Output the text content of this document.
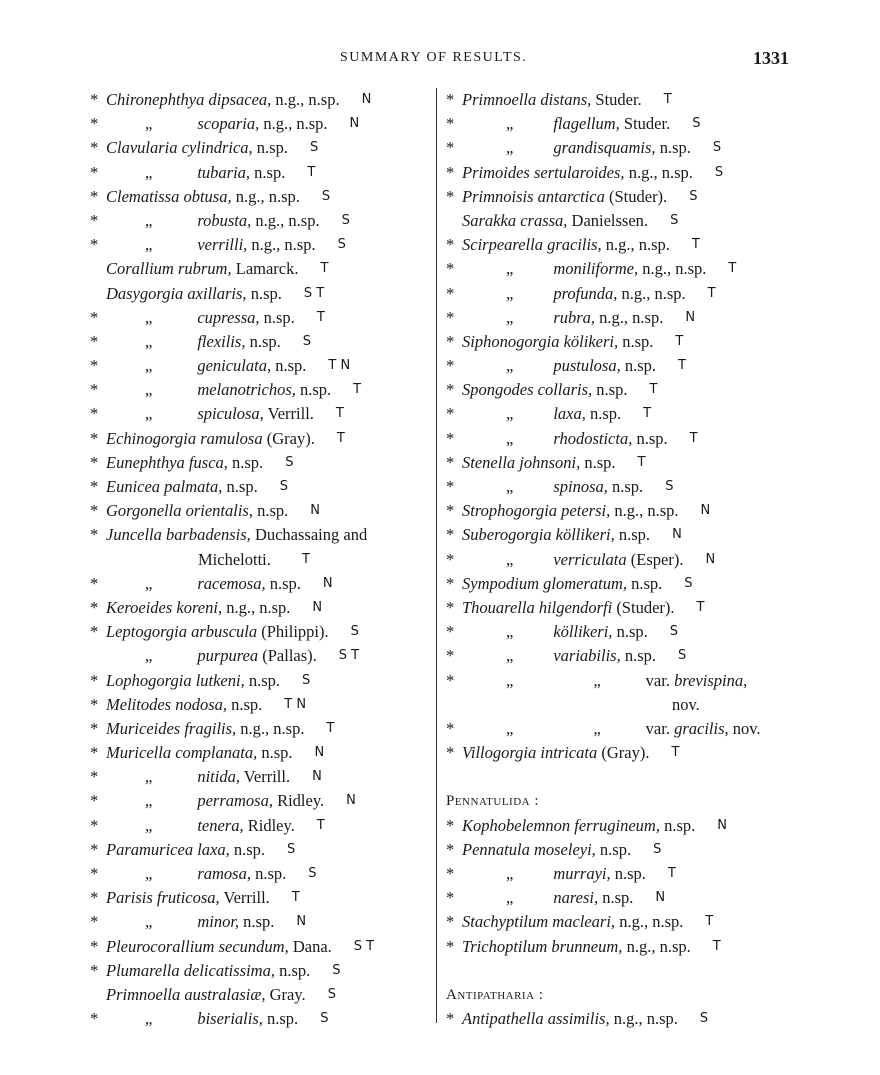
SUMMARY OF RESULTS.	1331
* Chironephthya dipsacea, n.g., n.sp. N
*	„	scoparia, n.g., n.sp. N
* Clavularia cylindrica, n.sp. S
*	„	tubaria, n.sp. T
* Clematissa obtusa, n.g., n.sp. S
*	„	robusta, n.g., n.sp. S
*	„	verrilli, n.g., n.sp. S
Corallium rubrum, Lamarck. T
Dasygorgia axillaris, n.sp. S T
*	„	cupressa, n.sp. T
*	„	flexilis, n.sp. S
*	„	geniculata, n.sp. T N
*	„	melanotrichos, n.sp. T
*	„	spiculosa, Verrill. T
* Echinogorgia ramulosa (Gray). T
* Eunephthya fusca, n.sp. S
* Eunicea palmata, n.sp. S
* Gorgonella orientalis, n.sp. N
* Juncella barbadensis, Duchassaing and
Michelotti. T
*	„	racemosa, n.sp. N
* Keroeides koreni, n.g., n.sp. N
* Leptogorgia arbuscula (Philippi). S
„	purpurea (Pallas). S T
* Lophogorgia lutkeni, n.sp. S
* Melitodes nodosa, n.sp. T N
* Muriceides fragilis, n.g., n.sp. T
* Muricella complanata, n.sp. N
*	„	nitida, Verrill. N
*	„	perramosa, Ridley. N
*	„	tenera, Ridley. T
* Paramuricea laxa, n.sp. S
*	„	ramosa, n.sp. S
* Parisis fruticosa, Verrill. T
*	„	minor, n.sp. N
* Pleurocorallium secundum, Dana. S T
* Plumarella delicatissima, n.sp. S
Primnoella australasiæ, Gray. S
*	„	biserialis, n.sp. S
* Primnoella distans, Studer. T
*	„ flagellum, Studer. S
*	„ grandisquamis, n.sp. S
* Primoides sertularoides, n.g., n.sp. S
* Primnoisis antarctica (Studer). S
Sarakka crassa, Danielssen. S
* Scirpearella gracilis, n.g., n.sp. T
*	„ moniliforme, n.g., n.sp. T
*	„ profunda, n.g., n.sp. T
*	„ rubra, n.g., n.sp. N
* Siphonogorgia kölikeri, n.sp. T
*	„ pustulosa, n.sp. T
* Spongodes collaris, n.sp. T
*	„ laxa, n.sp. T
*	„ rhodosticta, n.sp. T
* Stenella johnsoni, n.sp. T
*	„ spinosa, n.sp. S
* Strophogorgia petersi, n.g., n.sp. N
* Suberogorgia köllikeri, n.sp. N
*	„ verriculata (Esper). N
* Sympodium glomeratum, n.sp. S
* Thouarella hilgendorfi (Studer). T
*	„ köllikeri, n.sp. S
*	„ variabilis, n.sp. S
*	„	„	var. brevispina,
nov.
*	„	„	var. gracilis, nov.
* Villogorgia intricata (Gray). T
Pennatulida :
* Kophobelemnon ferrugineum, n.sp. N
* Pennatula moseleyi, n.sp. S
*	„ murrayi, n.sp. T
*	„ naresi, n.sp. N
* Stachyptilum macleari, n.g., n.sp. T
* Trichoptilum brunneum, n.g., n.sp. T
Antipatharia :
* Antipathella assimilis, n.g., n.sp. S
